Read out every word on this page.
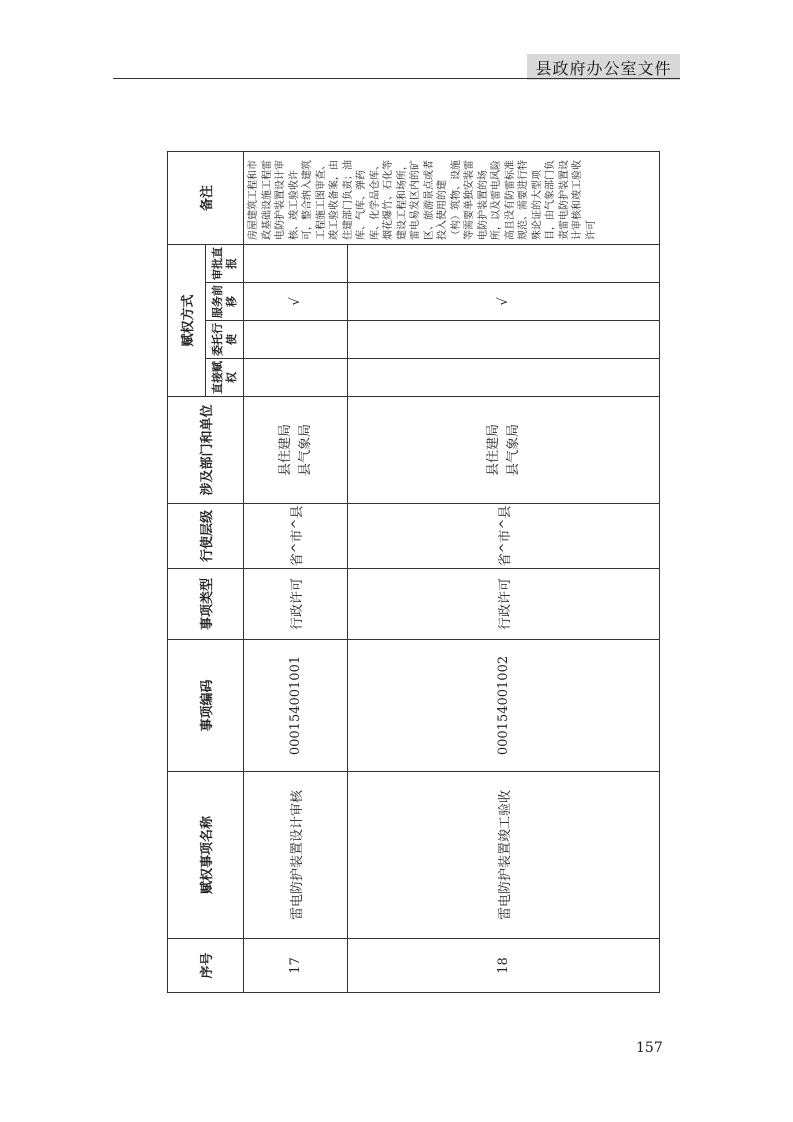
县政府办公室文件
序号	赋权事项名称	事项编码	事项类型	行使层级	涉及部门和单位	赋权方式				备注
						直接赋权	委托行使	服务前移	审批直报	
17	雷电防护装置设计审核	000154001001	行政许可	省^市^县	县住建局 县气象局			√		房屋建筑工程和市政基础设施工程雷电防护装置设计审核、竣工验收许可，整合纳入建筑工程施工图审查、竣工验收备案，由住建部门负责；油库、气库、弹药库、化学品仓库、烟花爆竹、石化等建设工程和场所，雷电易发区内的矿区、旅游景点或者投入使用的建（构）筑物、设施等需要单独安装雷电防护装置的场所，以及雷电风险高且没有防雷标准规范、需要进行特殊论证的大型项目，由气象部门负责雷电防护装置设计审核和竣工验收许可
18	雷电防护装置竣工验收	000154001002	行政许可	省^市^县	县住建局 县气象局			√		
157
